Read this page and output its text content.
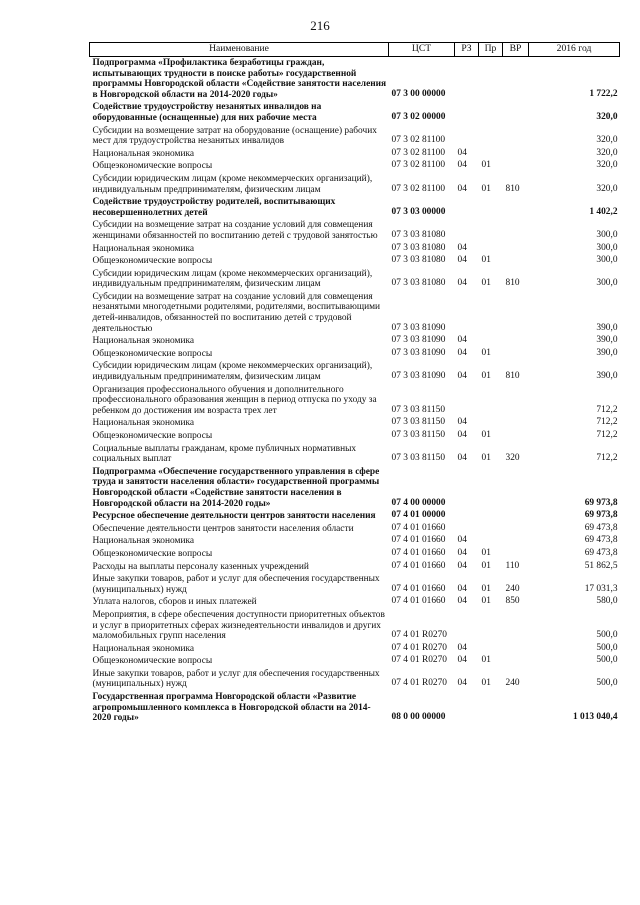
216
Наименование	ЦСТ	РЗ	Пр	ВР	2016 год
Подпрограмма «Профилактика безработицы граждан, испытывающих трудности в поиске работы» государственной программы Новгородской области «Содействие занятости населения в Новгородской области на 2014-2020 годы»	07 3 00 00000				1 722,2
Содействие трудоустройству незанятых инвалидов на оборудованные (оснащенные) для них рабочие места	07 3 02 00000				320,0
Субсидии на возмещение затрат на оборудование (оснащение) рабочих мест для трудоустройства незанятых инвалидов	07 3 02 81100				320,0
Национальная экономика	07 3 02 81100	04			320,0
Общеэкономические вопросы	07 3 02 81100	04	01		320,0
Субсидии юридическим лицам (кроме некоммерческих организаций), индивидуальным предпринимателям, физическим лицам	07 3 02 81100	04	01	810	320,0
Содействие трудоустройству родителей, воспитывающих несовершеннолетних детей	07 3 03 00000				1 402,2
Субсидии на возмещение затрат на создание условий для совмещения женщинами обязанностей по воспитанию детей с трудовой занятостью	07 3 03 81080				300,0
Национальная экономика	07 3 03 81080	04			300,0
Общеэкономические вопросы	07 3 03 81080	04	01		300,0
Субсидии юридическим лицам (кроме некоммерческих организаций), индивидуальным предпринимателям, физическим лицам	07 3 03 81080	04	01	810	300,0
Субсидии на возмещение затрат на создание условий для совмещения незанятыми многодетными родителями, родителями, воспитывающими детей-инвалидов, обязанностей по воспитанию детей с трудовой деятельностью	07 3 03 81090				390,0
Национальная экономика	07 3 03 81090	04			390,0
Общеэкономические вопросы	07 3 03 81090	04	01		390,0
Субсидии юридическим лицам (кроме некоммерческих организаций), индивидуальным предпринимателям, физическим лицам	07 3 03 81090	04	01	810	390,0
Организация профессионального обучения и дополнительного профессионального образования женщин в период отпуска по уходу за ребенком до достижения им возраста трех лет	07 3 03 81150				712,2
Национальная экономика	07 3 03 81150	04			712,2
Общеэкономические вопросы	07 3 03 81150	04	01		712,2
Социальные выплаты гражданам, кроме публичных нормативных социальных выплат	07 3 03 81150	04	01	320	712,2
Подпрограмма «Обеспечение государственного управления в сфере труда и занятости населения области» государственной программы Новгородской области «Содействие занятости населения в Новгородской области на 2014-2020 годы»	07 4 00 00000				69 973,8
Ресурсное обеспечение деятельности центров занятости населения	07 4 01 00000				69 973,8
Обеспечение деятельности центров занятости населения области	07 4 01 01660				69 473,8
Национальная экономика	07 4 01 01660	04			69 473,8
Общеэкономические вопросы	07 4 01 01660	04	01		69 473,8
Расходы на выплаты персоналу казенных учреждений	07 4 01 01660	04	01	110	51 862,5
Иные закупки товаров, работ и услуг для обеспечения государственных (муниципальных) нужд	07 4 01 01660	04	01	240	17 031,3
Уплата налогов, сборов и иных платежей	07 4 01 01660	04	01	850	580,0
Мероприятия, в сфере обеспечения доступности приоритетных объектов и услуг в приоритетных сферах жизнедеятельности инвалидов и других маломобильных групп населения	07 4 01 R0270				500,0
Национальная экономика	07 4 01 R0270	04			500,0
Общеэкономические вопросы	07 4 01 R0270	04	01		500,0
Иные закупки товаров, работ и услуг для обеспечения государственных (муниципальных) нужд	07 4 01 R0270	04	01	240	500,0
Государственная программа Новгородской области «Развитие агропромышленного комплекса в Новгородской области на 2014-2020 годы»	08 0 00 00000				1 013 040,4
